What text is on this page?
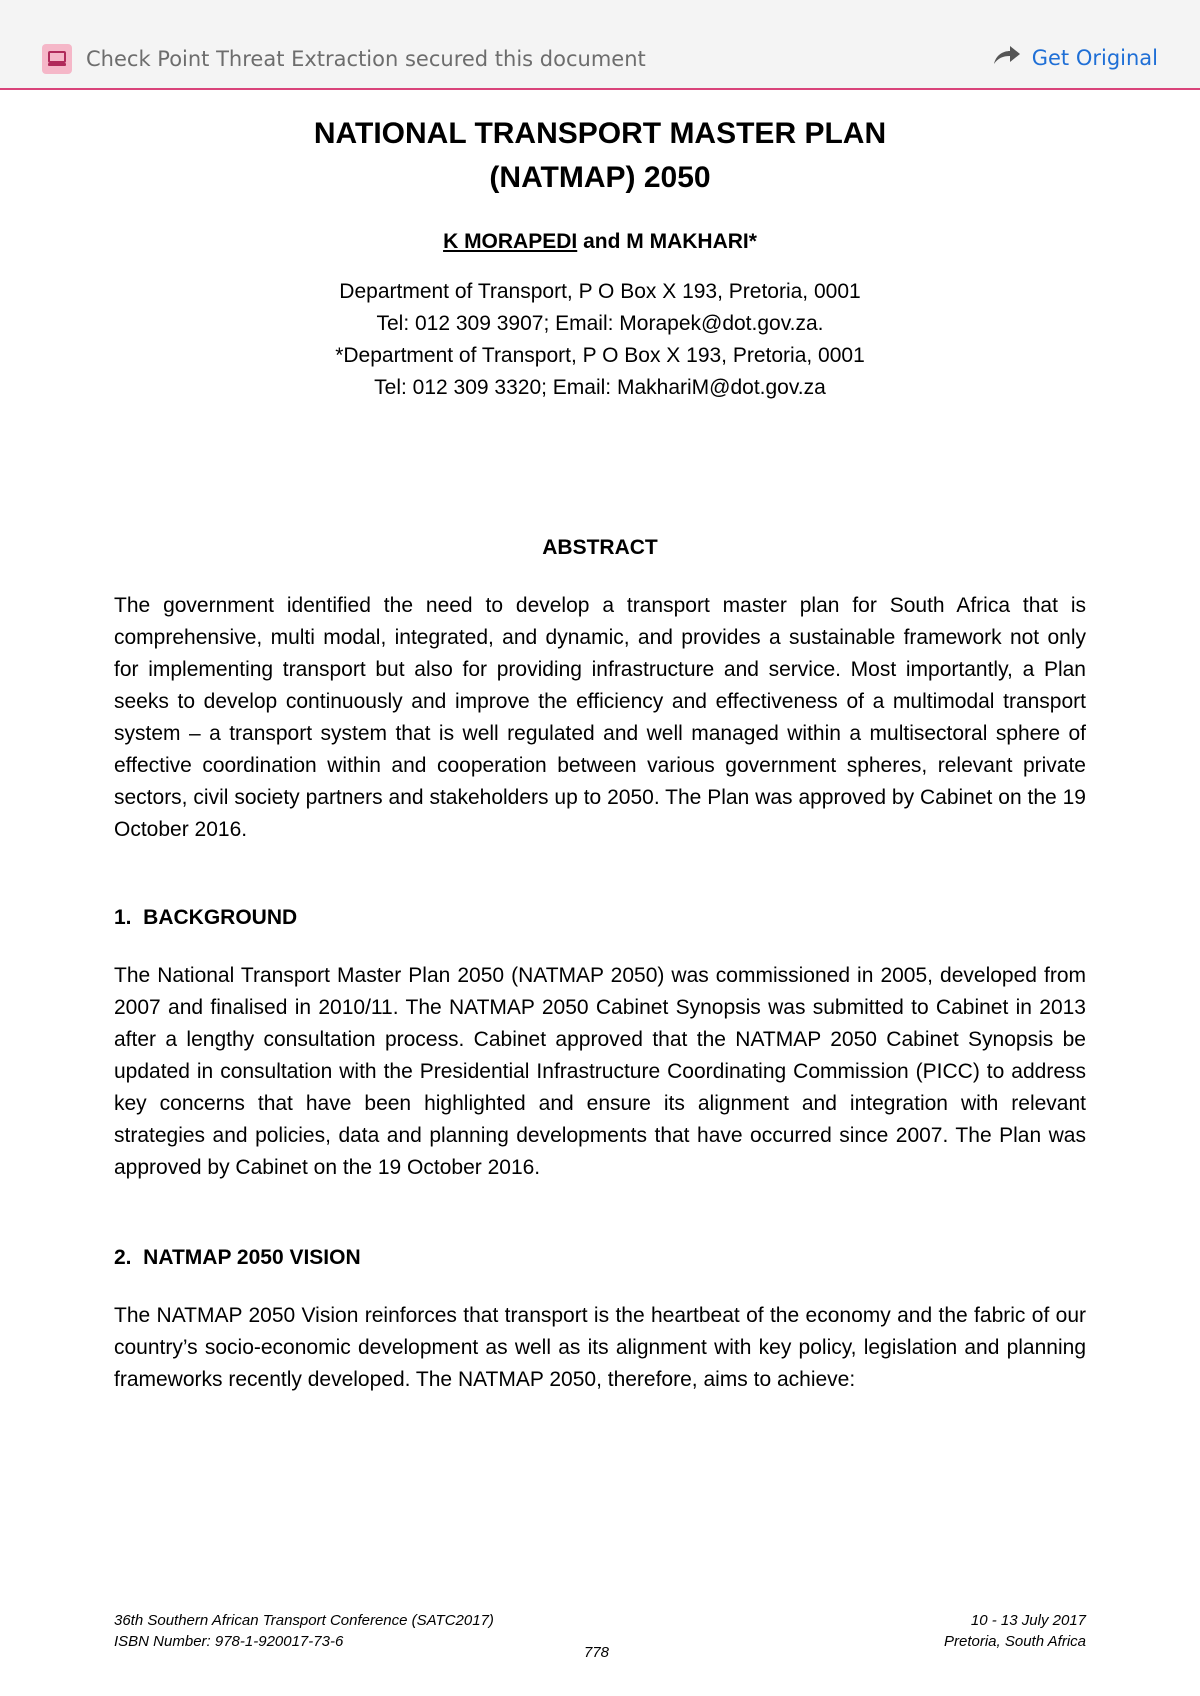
Check Point Threat Extraction secured this document	Get Original
NATIONAL TRANSPORT MASTER PLAN
(NATMAP) 2050
K MORAPEDI and M MAKHARI*
Department of Transport, P O Box X 193, Pretoria, 0001
Tel: 012 309 3907; Email: Morapek@dot.gov.za.
*Department of Transport, P O Box X 193, Pretoria, 0001
Tel: 012 309 3320; Email: MakhariM@dot.gov.za
ABSTRACT

The government identified the need to develop a transport master plan for South Africa that is comprehensive, multi modal, integrated, and dynamic, and provides a sustainable framework not only for implementing transport but also for providing infrastructure and service. Most importantly, a Plan seeks to develop continuously and improve the efficiency and effectiveness of a multimodal transport system – a transport system that is well regulated and well managed within a multisectoral sphere of effective coordination within and cooperation between various government spheres, relevant private sectors, civil society partners and stakeholders up to 2050. The Plan was approved by Cabinet on the 19 October 2016.

1.  BACKGROUND

The National Transport Master Plan 2050 (NATMAP 2050) was commissioned in 2005, developed from 2007 and finalised in 2010/11. The NATMAP 2050 Cabinet Synopsis was submitted to Cabinet in 2013 after a lengthy consultation process. Cabinet approved that the NATMAP 2050 Cabinet Synopsis be updated in consultation with the Presidential Infrastructure Coordinating Commission (PICC) to address key concerns that have been highlighted and ensure its alignment and integration with relevant strategies and policies, data and planning developments that have occurred since 2007. The Plan was approved by Cabinet on the 19 October 2016.

2.  NATMAP 2050 VISION

The NATMAP 2050 Vision reinforces that transport is the heartbeat of the economy and the fabric of our country’s socio-economic development as well as its alignment with key policy, legislation and planning frameworks recently developed. The NATMAP 2050, therefore, aims to achieve:

36th Southern African Transport Conference (SATC2017)
ISBN Number: 978-1-920017-73-6
10 - 13 July 2017
Pretoria, South Africa
778
